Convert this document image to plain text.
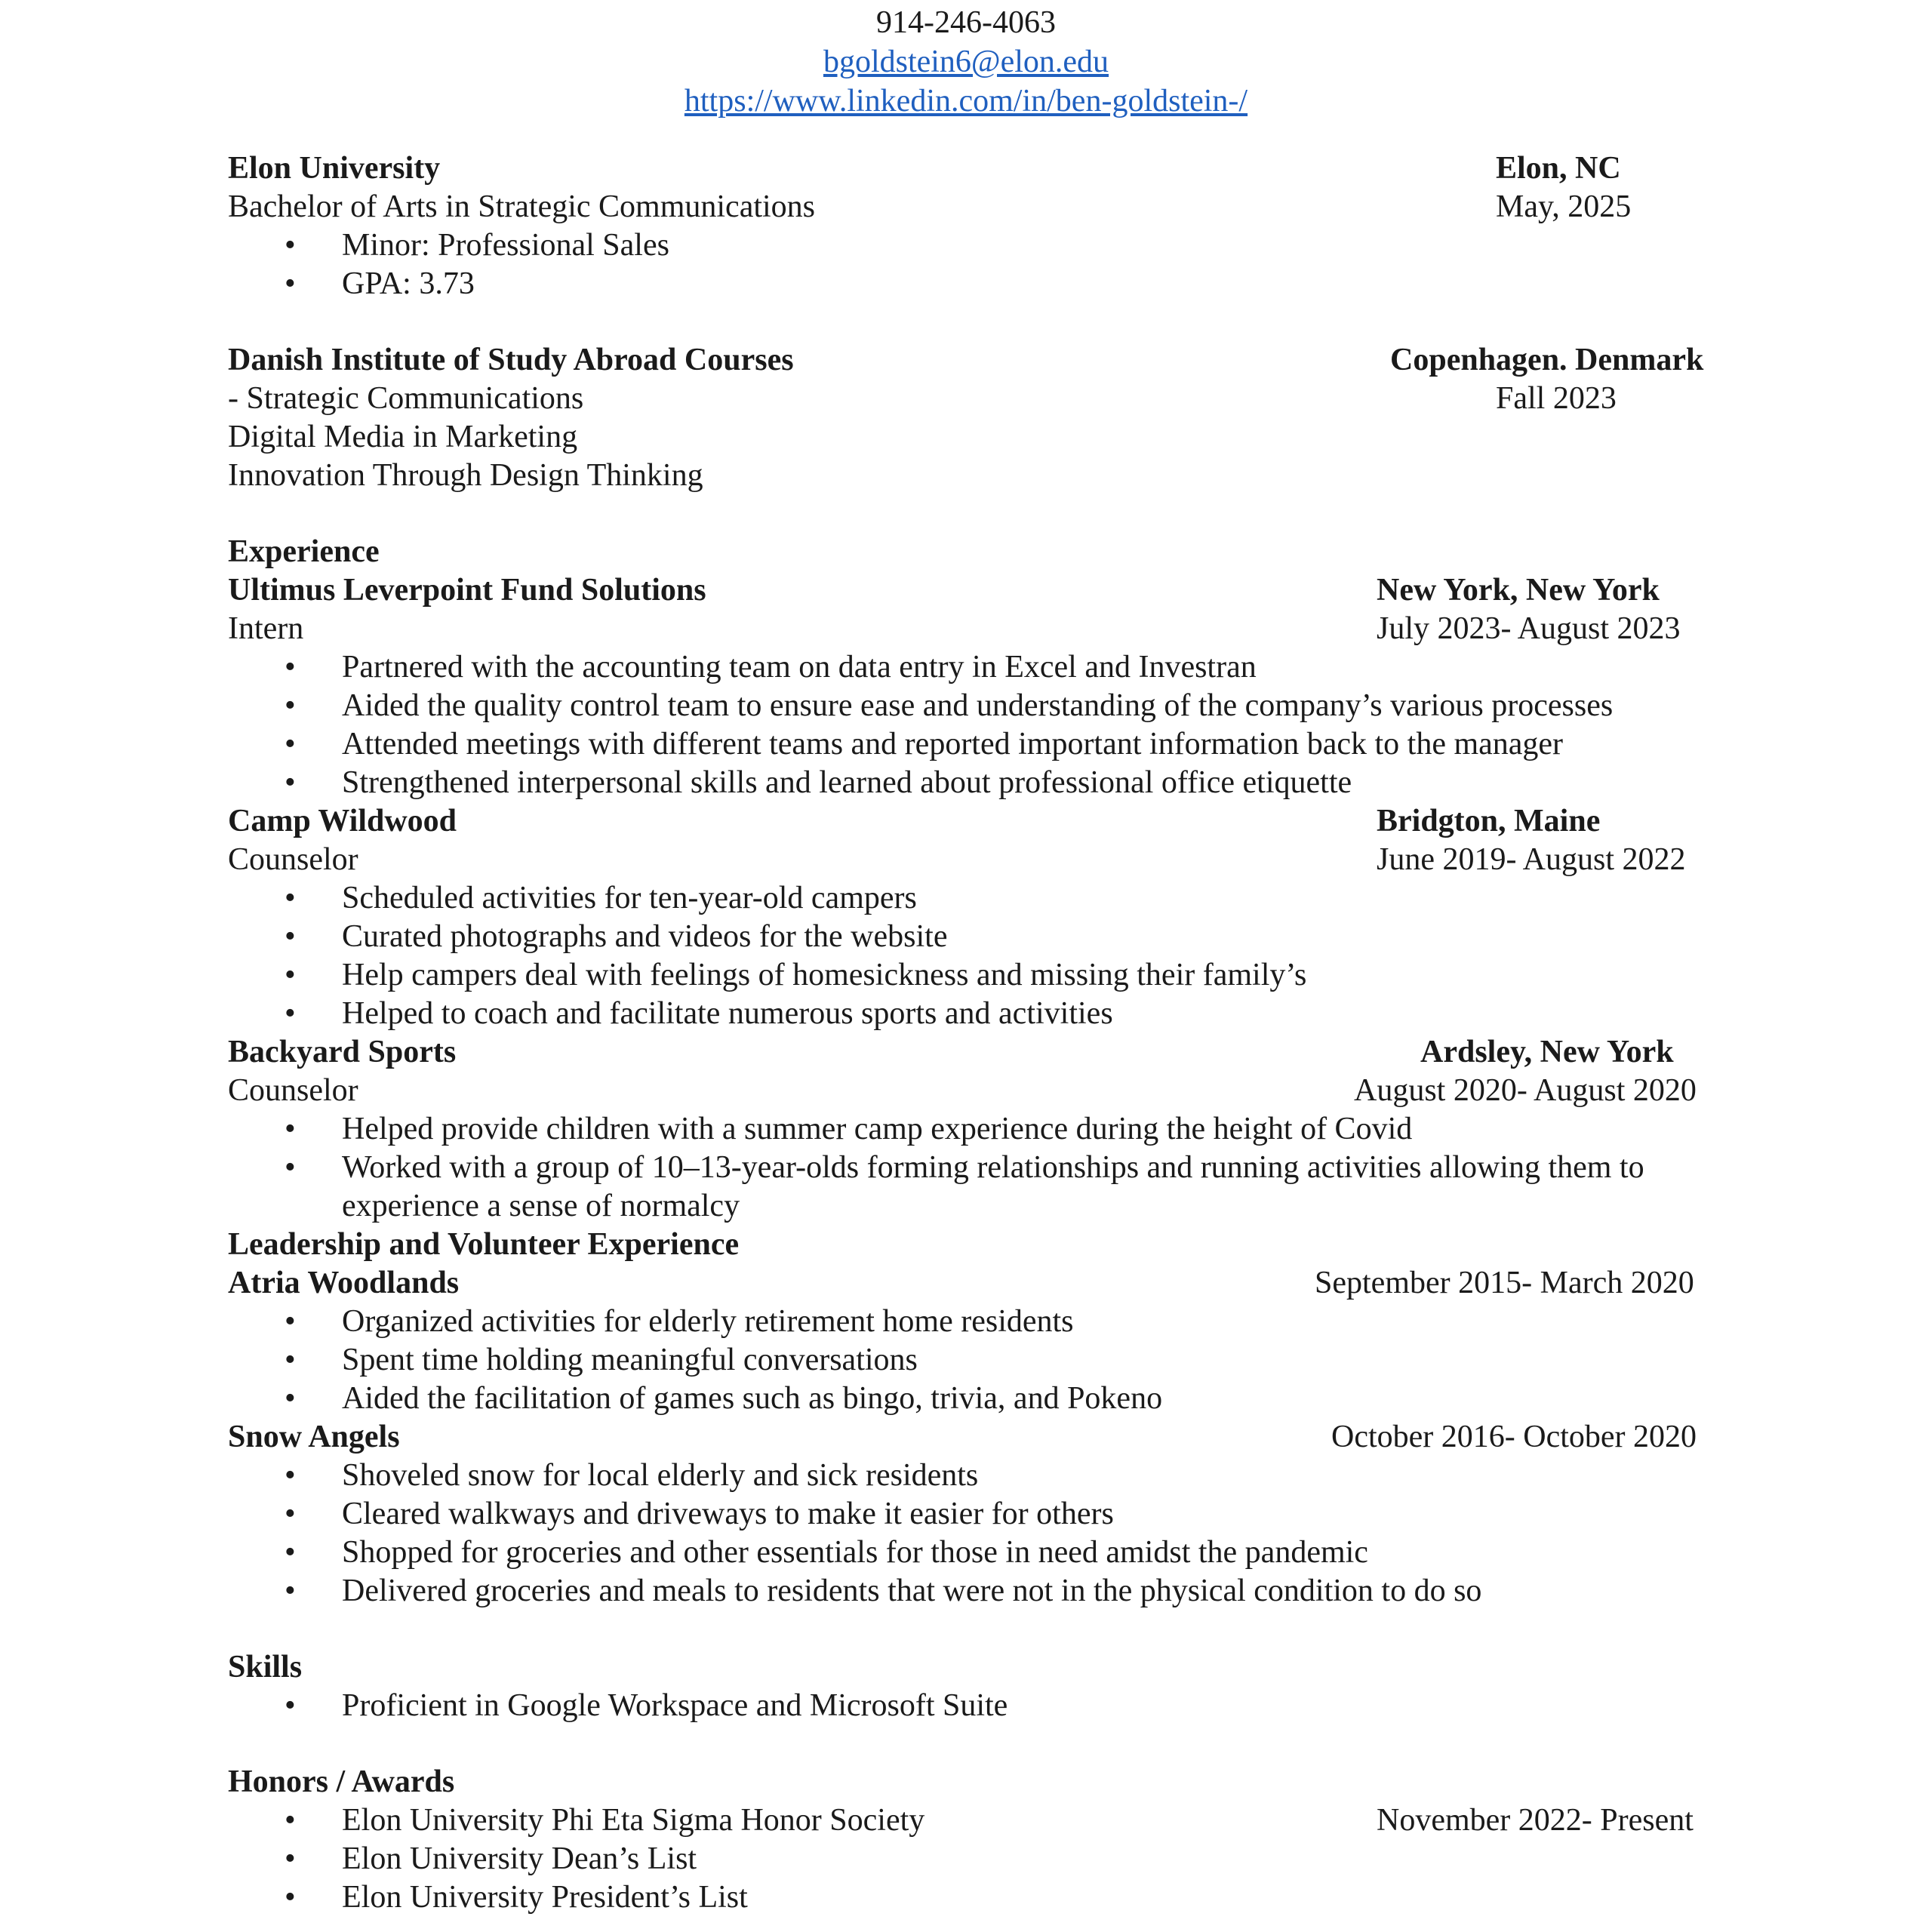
914-246-4063
bgoldstein6@elon.edu
https://www.linkedin.com/in/ben-goldstein-/
Elon University	Elon, NC
Bachelor of Arts in Strategic Communications	May, 2025
• Minor: Professional Sales
• GPA: 3.73
Danish Institute of Study Abroad Courses	Copenhagen. Denmark
- Strategic Communications	Fall 2023
Digital Media in Marketing
Innovation Through Design Thinking
Experience
Ultimus Leverpoint Fund Solutions	New York, New York
Intern	July 2023- August 2023
• Partnered with the accounting team on data entry in Excel and Investran
• Aided the quality control team to ensure ease and understanding of the company’s various processes
• Attended meetings with different teams and reported important information back to the manager
• Strengthened interpersonal skills and learned about professional office etiquette
Camp Wildwood	Bridgton, Maine
Counselor	June 2019- August 2022
• Scheduled activities for ten-year-old campers
• Curated photographs and videos for the website
• Help campers deal with feelings of homesickness and missing their family’s
• Helped to coach and facilitate numerous sports and activities
Backyard Sports	Ardsley, New York
Counselor	August 2020- August 2020
• Helped provide children with a summer camp experience during the height of Covid
• Worked with a group of 10–13-year-olds forming relationships and running activities allowing them to experience a sense of normalcy
Leadership and Volunteer Experience
Atria Woodlands	September 2015- March 2020
• Organized activities for elderly retirement home residents
• Spent time holding meaningful conversations
• Aided the facilitation of games such as bingo, trivia, and Pokeno
Snow Angels	October 2016- October 2020
• Shoveled snow for local elderly and sick residents
• Cleared walkways and driveways to make it easier for others
• Shopped for groceries and other essentials for those in need amidst the pandemic
• Delivered groceries and meals to residents that were not in the physical condition to do so
Skills
• Proficient in Google Workspace and Microsoft Suite
Honors / Awards
• Elon University Phi Eta Sigma Honor Society	November 2022- Present
• Elon University Dean’s List
• Elon University President’s List
